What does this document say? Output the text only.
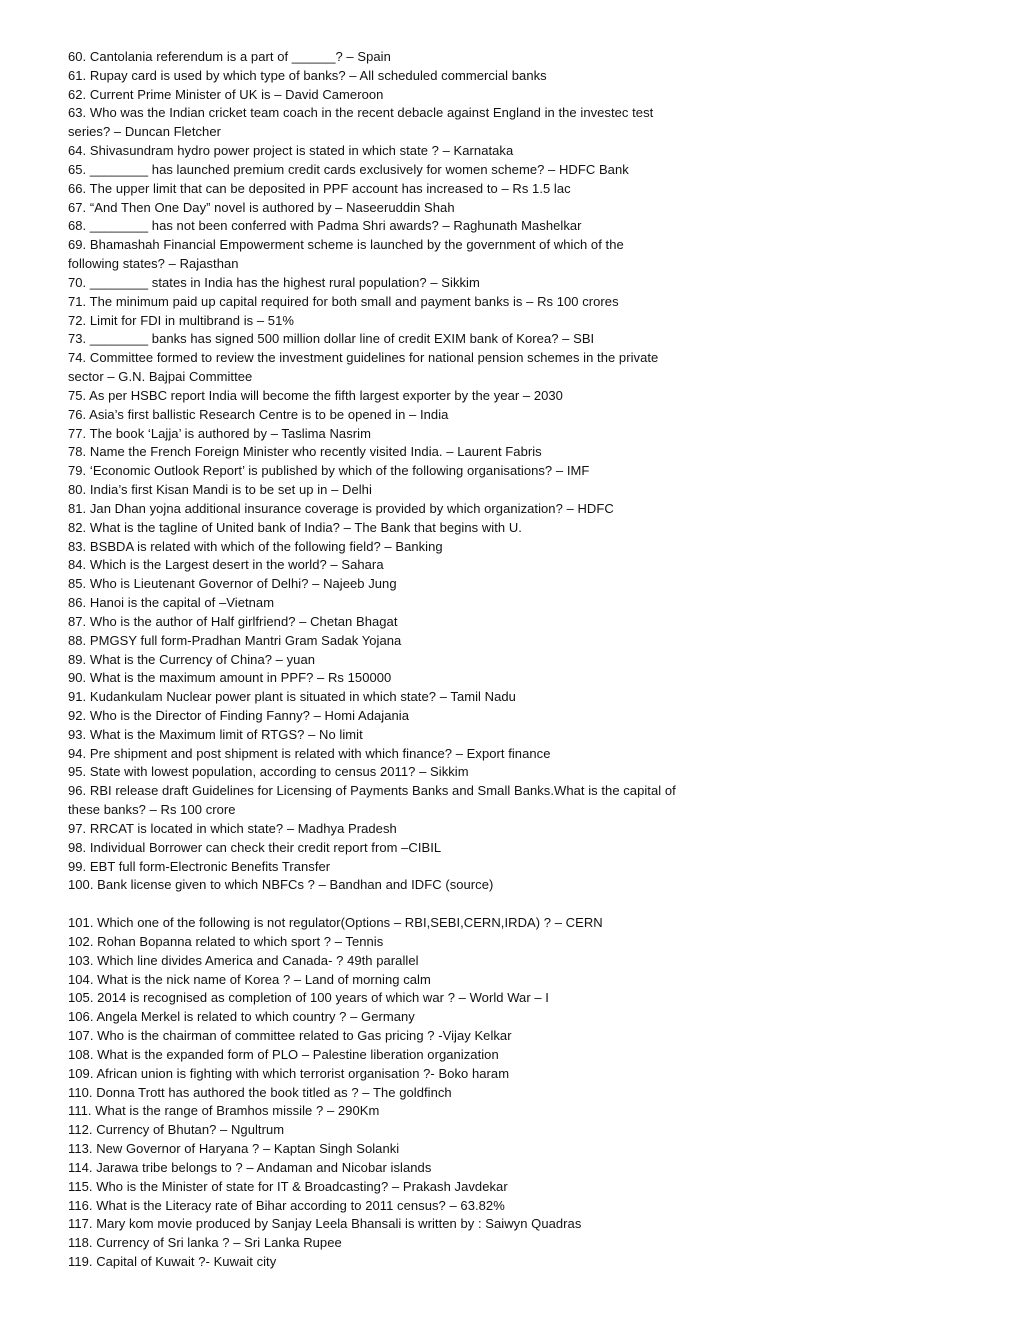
60. Cantolania referendum is a part of ______? – Spain
61. Rupay card is used by which type of banks? – All scheduled commercial banks
62. Current Prime Minister of UK is – David Cameroon
63. Who was the Indian cricket team coach in the recent debacle against England in the investec test
series? – Duncan Fletcher
64. Shivasundram hydro power project is stated in which state ? – Karnataka
65. ________ has launched premium credit cards exclusively for women scheme? – HDFC Bank
66. The upper limit that can be deposited in PPF account has increased to – Rs 1.5 lac
67. “And Then One Day” novel is authored by – Naseeruddin Shah
68. ________ has not been conferred with Padma Shri awards? – Raghunath Mashelkar
69. Bhamashah Financial Empowerment scheme is launched by the government of which of the
following states? – Rajasthan
70. ________ states in India has the highest rural population? – Sikkim
71. The minimum paid up capital required for both small and payment banks is – Rs 100 crores
72. Limit for FDI in multibrand is – 51%
73. ________ banks has signed 500 million dollar line of credit EXIM bank of Korea? – SBI
74. Committee formed to review the investment guidelines for national pension schemes in the private
sector – G.N. Bajpai Committee
75. As per HSBC report India will become the fifth largest exporter by the year – 2030
76. Asia’s first ballistic Research Centre is to be opened in – India
77. The book ‘Lajja’ is authored by – Taslima Nasrim
78. Name the French Foreign Minister who recently visited India. – Laurent Fabris
79. ‘Economic Outlook Report’ is published by which of the following organisations? – IMF
80. India’s first Kisan Mandi is to be set up in – Delhi
81. Jan Dhan yojna additional insurance coverage is provided by which organization? – HDFC
82. What is the tagline of United bank of India? – The Bank that begins with U.
83. BSBDA is related with which of the following field? – Banking
84. Which is the Largest desert in the world? – Sahara
85. Who is Lieutenant Governor of Delhi? – Najeeb Jung
86. Hanoi is the capital of –Vietnam
87. Who is the author of Half girlfriend? – Chetan Bhagat
88. PMGSY full form-Pradhan Mantri Gram Sadak Yojana
89. What is the Currency of China? – yuan
90. What is the maximum amount in PPF? – Rs 150000
91. Kudankulam Nuclear power plant is situated in which state? – Tamil Nadu
92. Who is the Director of Finding Fanny? – Homi Adajania
93. What is the Maximum limit of RTGS? – No limit
94. Pre shipment and post shipment is related with which finance? – Export finance
95. State with lowest population, according to census 2011? – Sikkim
96. RBI release draft Guidelines for Licensing of Payments Banks and Small Banks.What is the capital of
these banks? – Rs 100 crore
97. RRCAT is located in which state? – Madhya Pradesh
98. Individual Borrower can check their credit report from –CIBIL
99. EBT full form-Electronic Benefits Transfer
100. Bank license given to which NBFCs ? – Bandhan and IDFC (source)
101. Which one of the following is not regulator(Options – RBI,SEBI,CERN,IRDA) ? – CERN
102. Rohan Bopanna related to which sport ? – Tennis
103. Which line divides America and Canada- ? 49th parallel
104. What is the nick name of Korea ? – Land of morning calm
105. 2014 is recognised as completion of 100 years of which war ? – World War – I
106. Angela Merkel is related to which country ? – Germany
107. Who is the chairman of committee related to Gas pricing ? -Vijay Kelkar
108. What is the expanded form of PLO – Palestine liberation organization
109. African union is fighting with which terrorist organisation ?- Boko haram
110. Donna Trott has authored the book titled as ? – The goldfinch
111. What is the range of Bramhos missile ? – 290Km
112. Currency of Bhutan? – Ngultrum
113. New Governor of Haryana ? – Kaptan Singh Solanki
114. Jarawa tribe belongs to ? – Andaman and Nicobar islands
115. Who is the Minister of state for IT & Broadcasting? – Prakash Javdekar
116. What is the Literacy rate of Bihar according to 2011 census? – 63.82%
117. Mary kom movie produced by Sanjay Leela Bhansali is written by : Saiwyn Quadras
118. Currency of Sri lanka ? – Sri Lanka Rupee
119. Capital of Kuwait ?- Kuwait city
